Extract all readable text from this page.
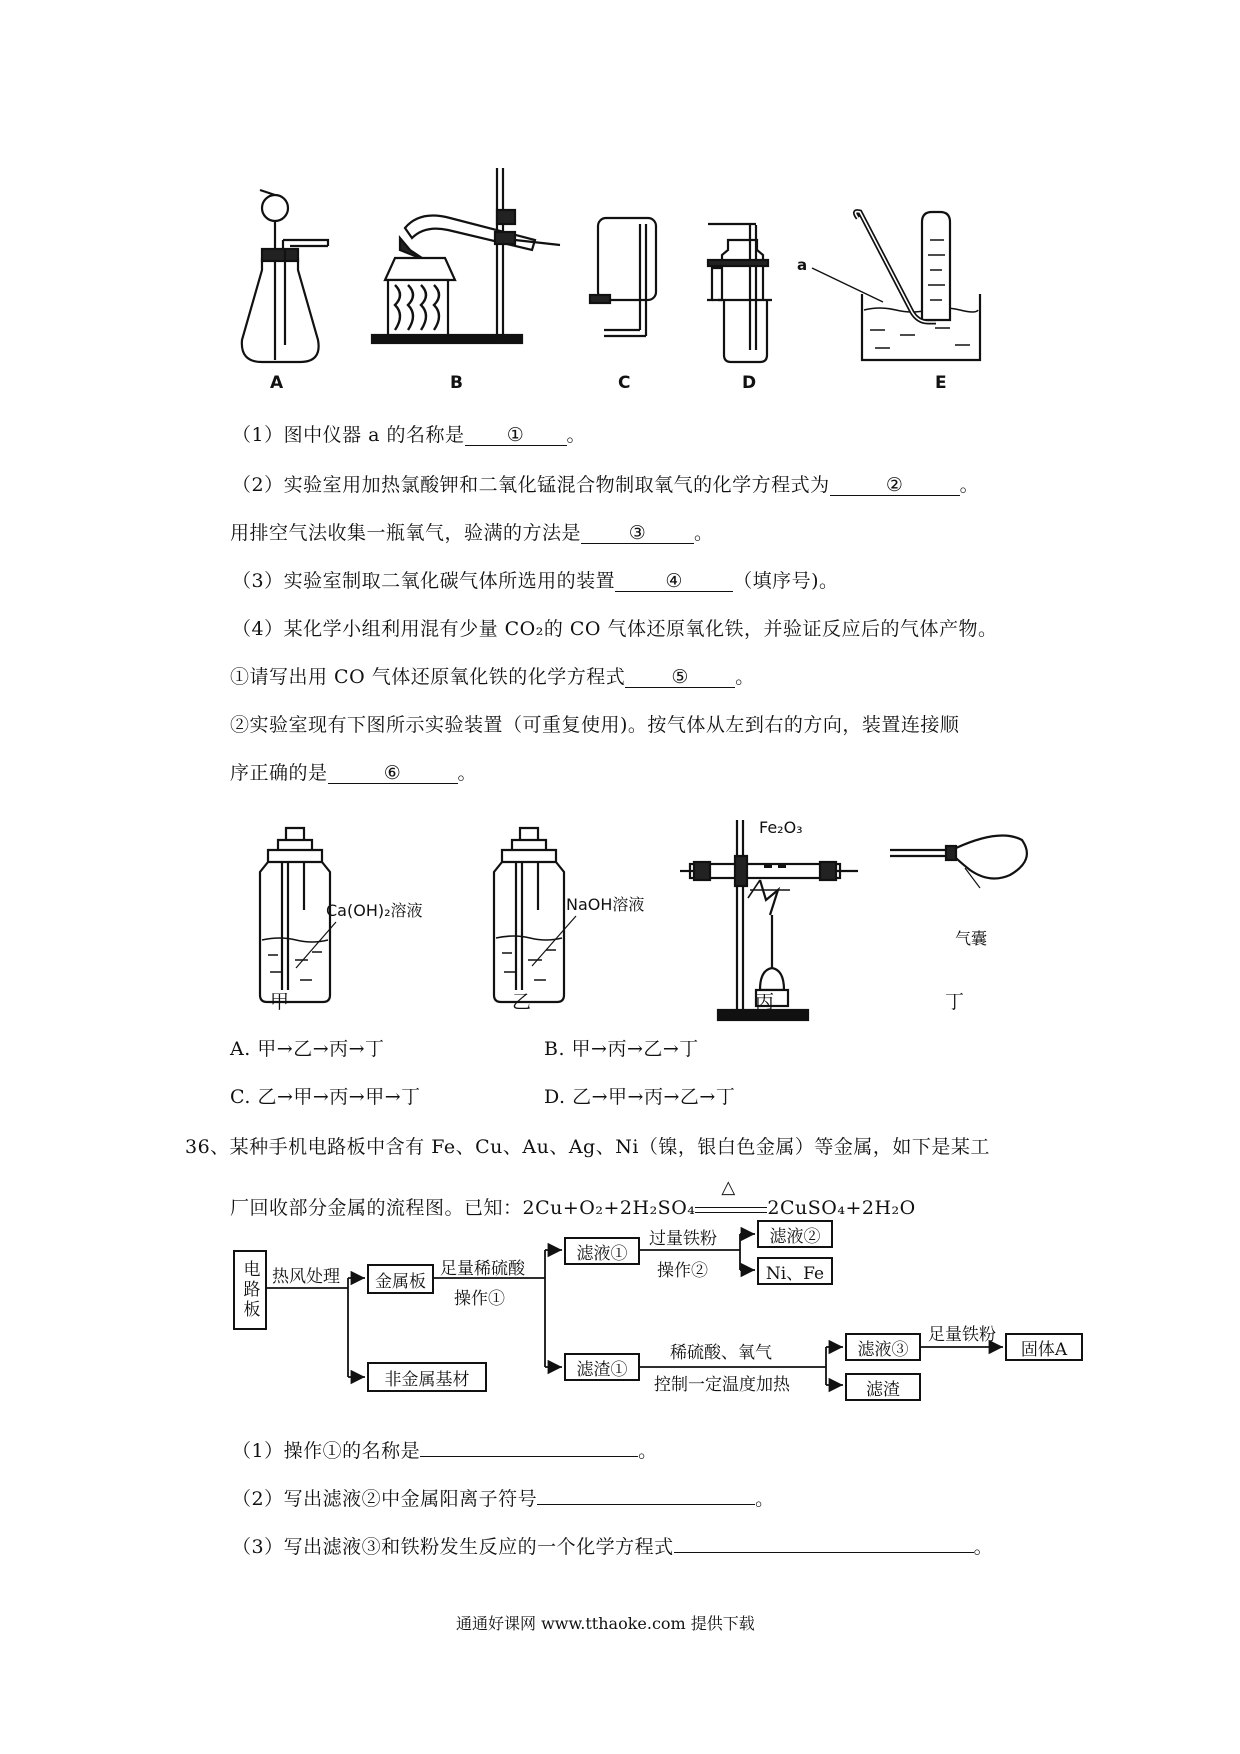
A	B	C	D	E
a
（1）图中仪器 a 的名称是 ① 。
（2）实验室用加热氯酸钾和二氧化锰混合物制取氧气的化学方程式为	②	。
用排空气法收集一瓶氧气，验满的方法是	③	。
（3）实验室制取二氧化碳气体所选用的装置	④	（填序号)。
（4）某化学小组利用混有少量 CO₂的 CO 气体还原氧化铁，并验证反应后的气体产物。
①请写出用 CO 气体还原氧化铁的化学方程式 ⑤ 。
②实验室现有下图所示实验装置（可重复使用)。按气体从左到右的方向，装置连接顺
序正确的是	⑥	。
Ca(OH)₂溶液	NaOH溶液
Fe₂O₃
气囊
甲	乙	丙	丁
A. 甲→乙→丙→丁	B. 甲→丙→乙→丁
C. 乙→甲→丙→甲→丁	D. 乙→甲→丙→乙→丁
36、某种手机电路板中含有 Fe、Cu、Au、Ag、Ni（镍，银白色金属）等金属，如下是某工
厂回收部分金属的流程图。已知：2Cu+O₂+2H₂SO₄
△
2CuSO₄+2H₂O
电路板 热风处理	金属板
非金属基材
足量稀硫酸
操作①
滤液①
滤渣①
过量铁粉
操作②
滤液②
Ni、Fe
稀硫酸、氧气
控制一定温度加热
滤液③
滤渣
足量铁粉
固体A
（1）操作①的名称是	。
（2）写出滤液②中金属阳离子符号	。
（3）写出滤液③和铁粉发生反应的一个化学方程式	。
通通好课网 www.tthaoke.com 提供下载
